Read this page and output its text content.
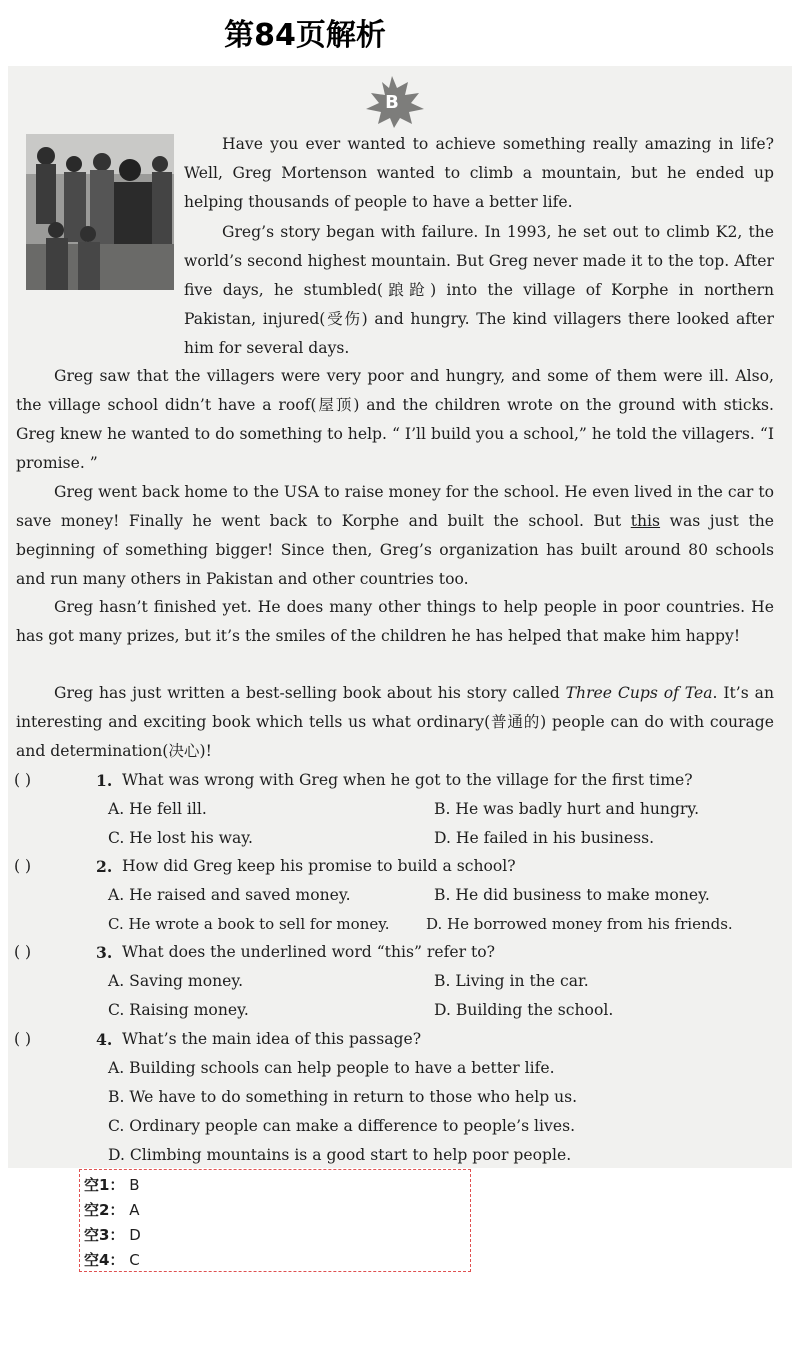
第84页解析
B
Have you ever wanted to achieve something really amazing in life? Well, Greg Mortenson wanted to climb a mountain, but he ended up helping thousands of people to have a better life.
Greg’s story began with failure. In 1993, he set out to climb K2, the world’s second highest mountain. But Greg never made it to the top. After five days, he stumbled(踉跄) into the village of Korphe in northern Pakistan, injured(受伤) and hungry. The kind villagers there looked after him for several days.
Greg saw that the villagers were very poor and hungry, and some of them were ill. Also, the village school didn’t have a roof(屋顶) and the children wrote on the ground with sticks. Greg knew he wanted to do something to help. “ I’ll build you a school,” he told the villagers. “I promise. ”
Greg went back home to the USA to raise money for the school. He even lived in the car to save money! Finally he went back to Korphe and built the school. But this was just the beginning of something bigger! Since then, Greg’s organization has built around 80 schools and run many others in Pakistan and other countries too.
Greg hasn’t finished yet. He does many other things to help people in poor countries. He has got many prizes, but it’s the smiles of the children he has helped that make him happy!
Greg has just written a best-selling book about his story called Three Cups of Tea. It’s an interesting and exciting book which tells us what ordinary(普通的) people can do with courage and determination(决心)!
( )	1. What was wrong with Greg when he got to the village for the first time?
A. He fell ill.	B. He was badly hurt and hungry.
C. He lost his way.	D. He failed in his business.
( )	2. How did Greg keep his promise to build a school?
A. He raised and saved money.	B. He did business to make money.
C. He wrote a book to sell for money. D. He borrowed money from his friends.
( )	3. What does the underlined word “this” refer to?
A. Saving money.	B. Living in the car.
C. Raising money.	D. Building the school.
( )	4. What’s the main idea of this passage?
A. Building schools can help people to have a better life.
B. We have to do something in return to those who help us.
C. Ordinary people can make a difference to people’s lives.
D. Climbing mountains is a good start to help poor people.
空1： B
空2： A
空3： D
空4： C
